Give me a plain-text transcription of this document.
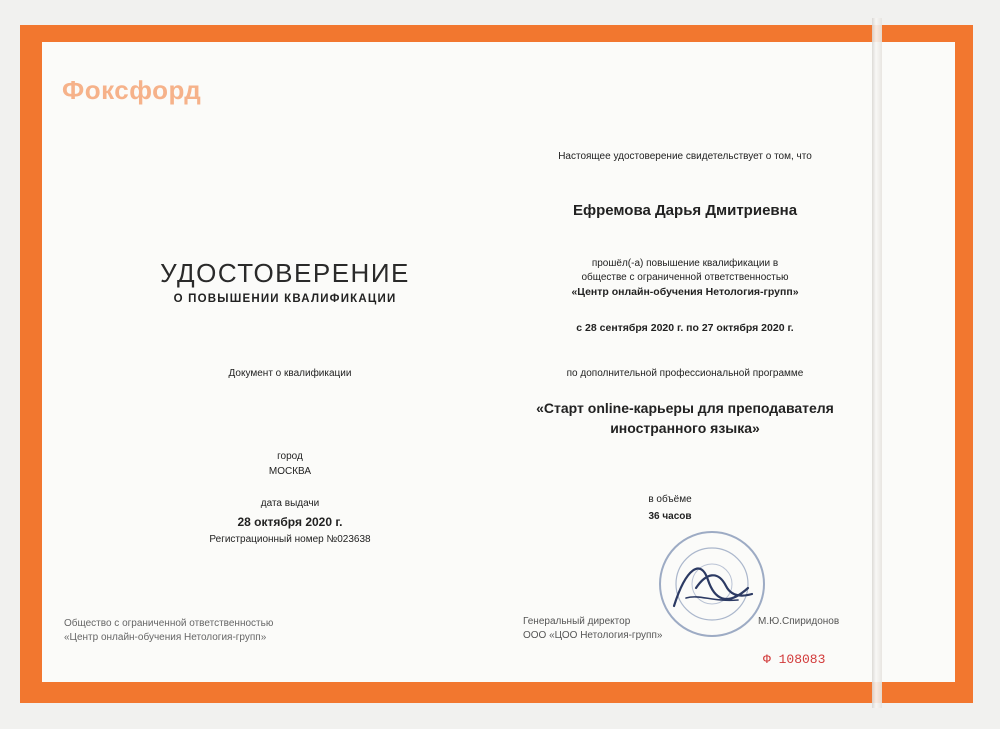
Фоксфорд
УДОСТОВЕРЕНИЕ
О ПОВЫШЕНИИ КВАЛИФИКАЦИИ
Документ о квалификации
город
МОСКВА
дата выдачи
28 октября 2020 г.
Регистрационный номер №023638
Настоящее удостоверение свидетельствует о том, что
Ефремова Дарья Дмитриевна
прошёл(-а) повышение квалификации в
обществе с ограниченной ответственностью
«Центр онлайн-обучения Нетология-групп»
с 28 сентября 2020 г. по 27 октября 2020 г.
по дополнительной профессиональной программе
«Старт online-карьеры для преподавателя
иностранного языка»
в объёме
36 часов
Общество с ограниченной ответственностью
«Центр онлайн-обучения Нетология-групп»
Генеральный директор
ООО «ЦОО Нетология-групп»
М.Ю.Спиридонов
Ф 108083
